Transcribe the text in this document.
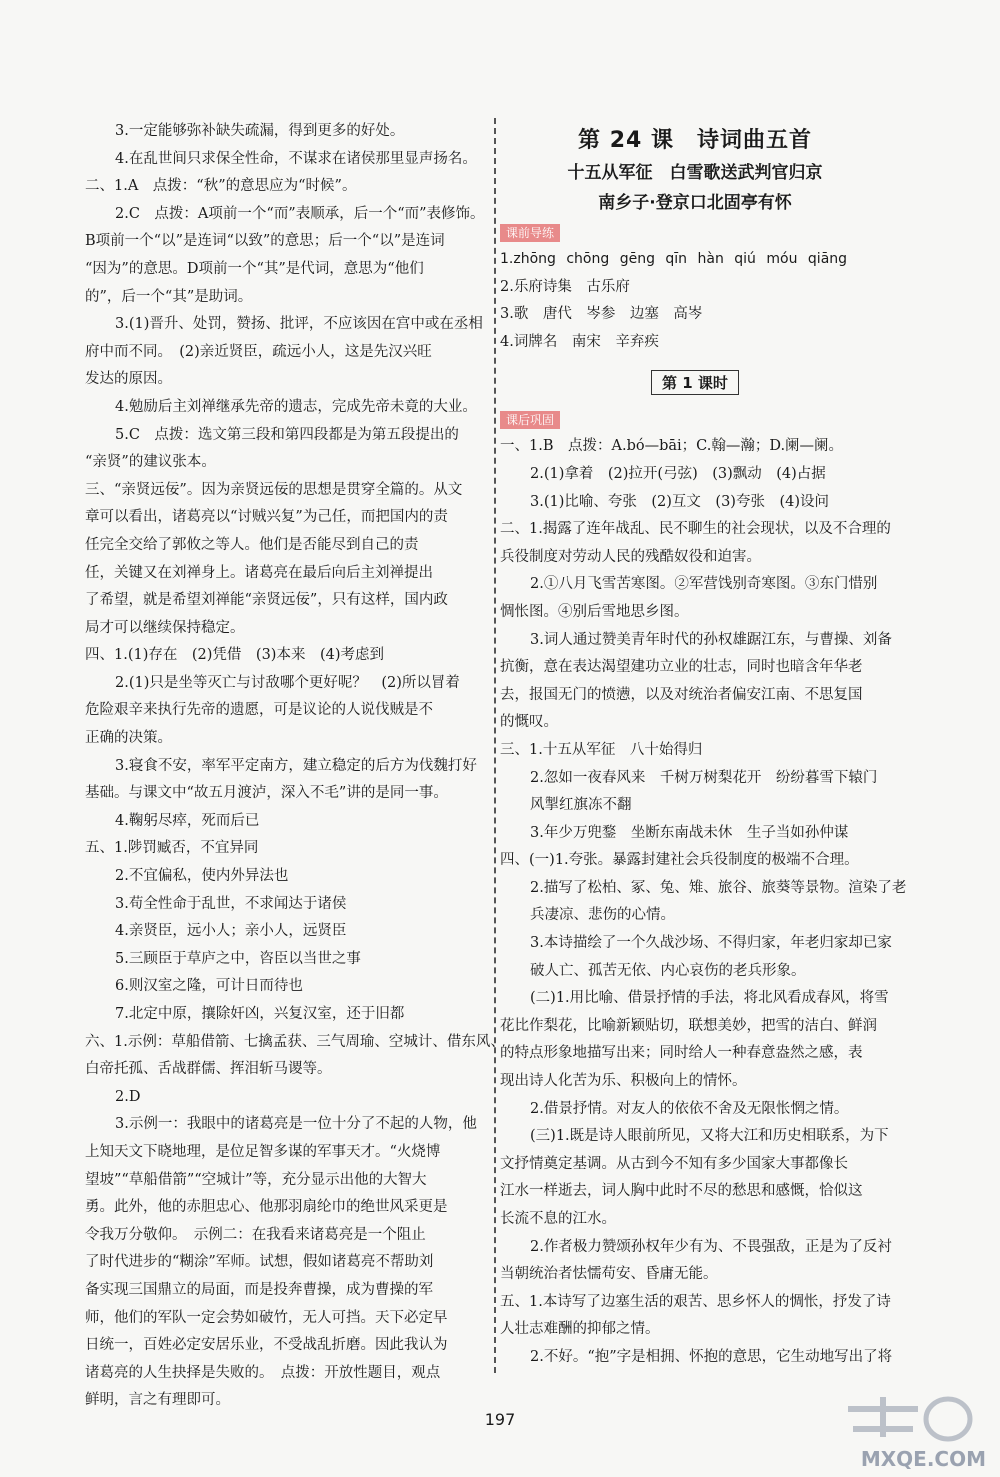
3.一定能够弥补缺失疏漏，得到更多的好处。
4.在乱世间只求保全性命，不谋求在诸侯那里显声扬名。
二、1.A　点拨：“秋”的意思应为“时候”。
2.C　点拨：A项前一个“而”表顺承，后一个“而”表修饰。
B项前一个“以”是连词“以致”的意思；后一个“以”是连词
“因为”的意思。D项前一个“其”是代词，意思为“他们
的”，后一个“其”是助词。
3.(1)晋升、处罚，赞扬、批评，不应该因在宫中或在丞相
府中而不同。　(2)亲近贤臣，疏远小人，这是先汉兴旺
发达的原因。
4.勉励后主刘禅继承先帝的遗志，完成先帝未竟的大业。
5.C　点拨：选文第三段和第四段都是为第五段提出的
“亲贤”的建议张本。
三、“亲贤远佞”。因为亲贤远佞的思想是贯穿全篇的。从文
章可以看出，诸葛亮以“讨贼兴复”为己任，而把国内的责
任完全交给了郭攸之等人。他们是否能尽到自己的责
任，关键又在刘禅身上。诸葛亮在最后向后主刘禅提出
了希望，就是希望刘禅能“亲贤远佞”，只有这样，国内政
局才可以继续保持稳定。
四、1.(1)存在　(2)凭借　(3)本来　(4)考虑到
2.(1)只是坐等灭亡与讨敌哪个更好呢？　(2)所以冒着
危险艰辛来执行先帝的遗愿，可是议论的人说伐贼是不
正确的决策。
3.寝食不安，率军平定南方，建立稳定的后方为伐魏打好
基础。与课文中“故五月渡泸，深入不毛”讲的是同一事。
4.鞠躬尽瘁，死而后已
五、1.陟罚臧否，不宜异同
2.不宜偏私，使内外异法也
3.苟全性命于乱世，不求闻达于诸侯
4.亲贤臣，远小人；亲小人，远贤臣
5.三顾臣于草庐之中，咨臣以当世之事
6.则汉室之隆，可计日而待也
7.北定中原，攘除奸凶，兴复汉室，还于旧都
六、1.示例：草船借箭、七擒孟获、三气周瑜、空城计、借东风、
白帝托孤、舌战群儒、挥泪斩马谡等。
2.D
3.示例一：我眼中的诸葛亮是一位十分了不起的人物，他
上知天文下晓地理，是位足智多谋的军事天才。“火烧博
望坡”“草船借箭”“空城计”等，充分显示出他的大智大
勇。此外，他的赤胆忠心、他那羽扇纶巾的绝世风采更是
令我万分敬仰。　示例二：在我看来诸葛亮是一个阻止
了时代进步的“糊涂”军师。试想，假如诸葛亮不帮助刘
备实现三国鼎立的局面，而是投奔曹操，成为曹操的军
师，他们的军队一定会势如破竹，无人可挡。天下必定早
日统一，百姓必定安居乐业，不受战乱折磨。因此我认为
诸葛亮的人生抉择是失败的。　点拨：开放性题目，观点
鲜明，言之有理即可。
第 24 课　诗词曲五首
十五从军征　白雪歌送武判官归京
南乡子·登京口北固亭有怀
课前导练
1.zhōng chōng gēng qīn hàn qiú móu qiāng
2.乐府诗集　古乐府
3.歌　唐代　岑参　边塞　高岑
4.词牌名　南宋　辛弃疾
第 1 课时
课后巩固
一、1.B　点拨：A.bó—bāi；C.翰—瀚；D.阑—阑。
2.(1)拿着　(2)拉开(弓弦)　(3)飘动　(4)占据
3.(1)比喻、夸张　(2)互文　(3)夸张　(4)设问
二、1.揭露了连年战乱、民不聊生的社会现状，以及不合理的
兵役制度对劳动人民的残酷奴役和迫害。
2.①八月飞雪苦寒图。②军营饯别奇寒图。③东门惜别
惆怅图。④别后雪地思乡图。
3.词人通过赞美青年时代的孙权雄踞江东，与曹操、刘备
抗衡，意在表达渴望建功立业的壮志，同时也暗含年华老
去，报国无门的愤懑，以及对统治者偏安江南、不思复国
的慨叹。
三、1.十五从军征　八十始得归
2.忽如一夜春风来　千树万树梨花开　纷纷暮雪下辕门
风掣红旗冻不翻
3.年少万兜鍪　坐断东南战未休　生子当如孙仲谋
四、(一)1.夸张。暴露封建社会兵役制度的极端不合理。
2.描写了松柏、冢、兔、雉、旅谷、旅葵等景物。渲染了老
兵凄凉、悲伤的心情。
3.本诗描绘了一个久战沙场、不得归家，年老归家却已家
破人亡、孤苦无依、内心哀伤的老兵形象。
(二)1.用比喻、借景抒情的手法，将北风看成春风，将雪
花比作梨花，比喻新颖贴切，联想美妙，把雪的洁白、鲜润
的特点形象地描写出来；同时给人一种春意盎然之感，表
现出诗人化苦为乐、积极向上的情怀。
2.借景抒情。对友人的依依不舍及无限怅惘之情。
(三)1.既是诗人眼前所见，又将大江和历史相联系，为下
文抒情奠定基调。从古到今不知有多少国家大事都像长
江水一样逝去，词人胸中此时不尽的愁思和感慨，恰似这
长流不息的江水。
2.作者极力赞颂孙权年少有为、不畏强敌，正是为了反衬
当朝统治者怯懦苟安、昏庸无能。
五、1.本诗写了边塞生活的艰苦、思乡怀人的惆怅，抒发了诗
人壮志难酬的抑郁之情。
2.不好。“抱”字是相拥、怀抱的意思，它生动地写出了将
197
MXQE.COM
